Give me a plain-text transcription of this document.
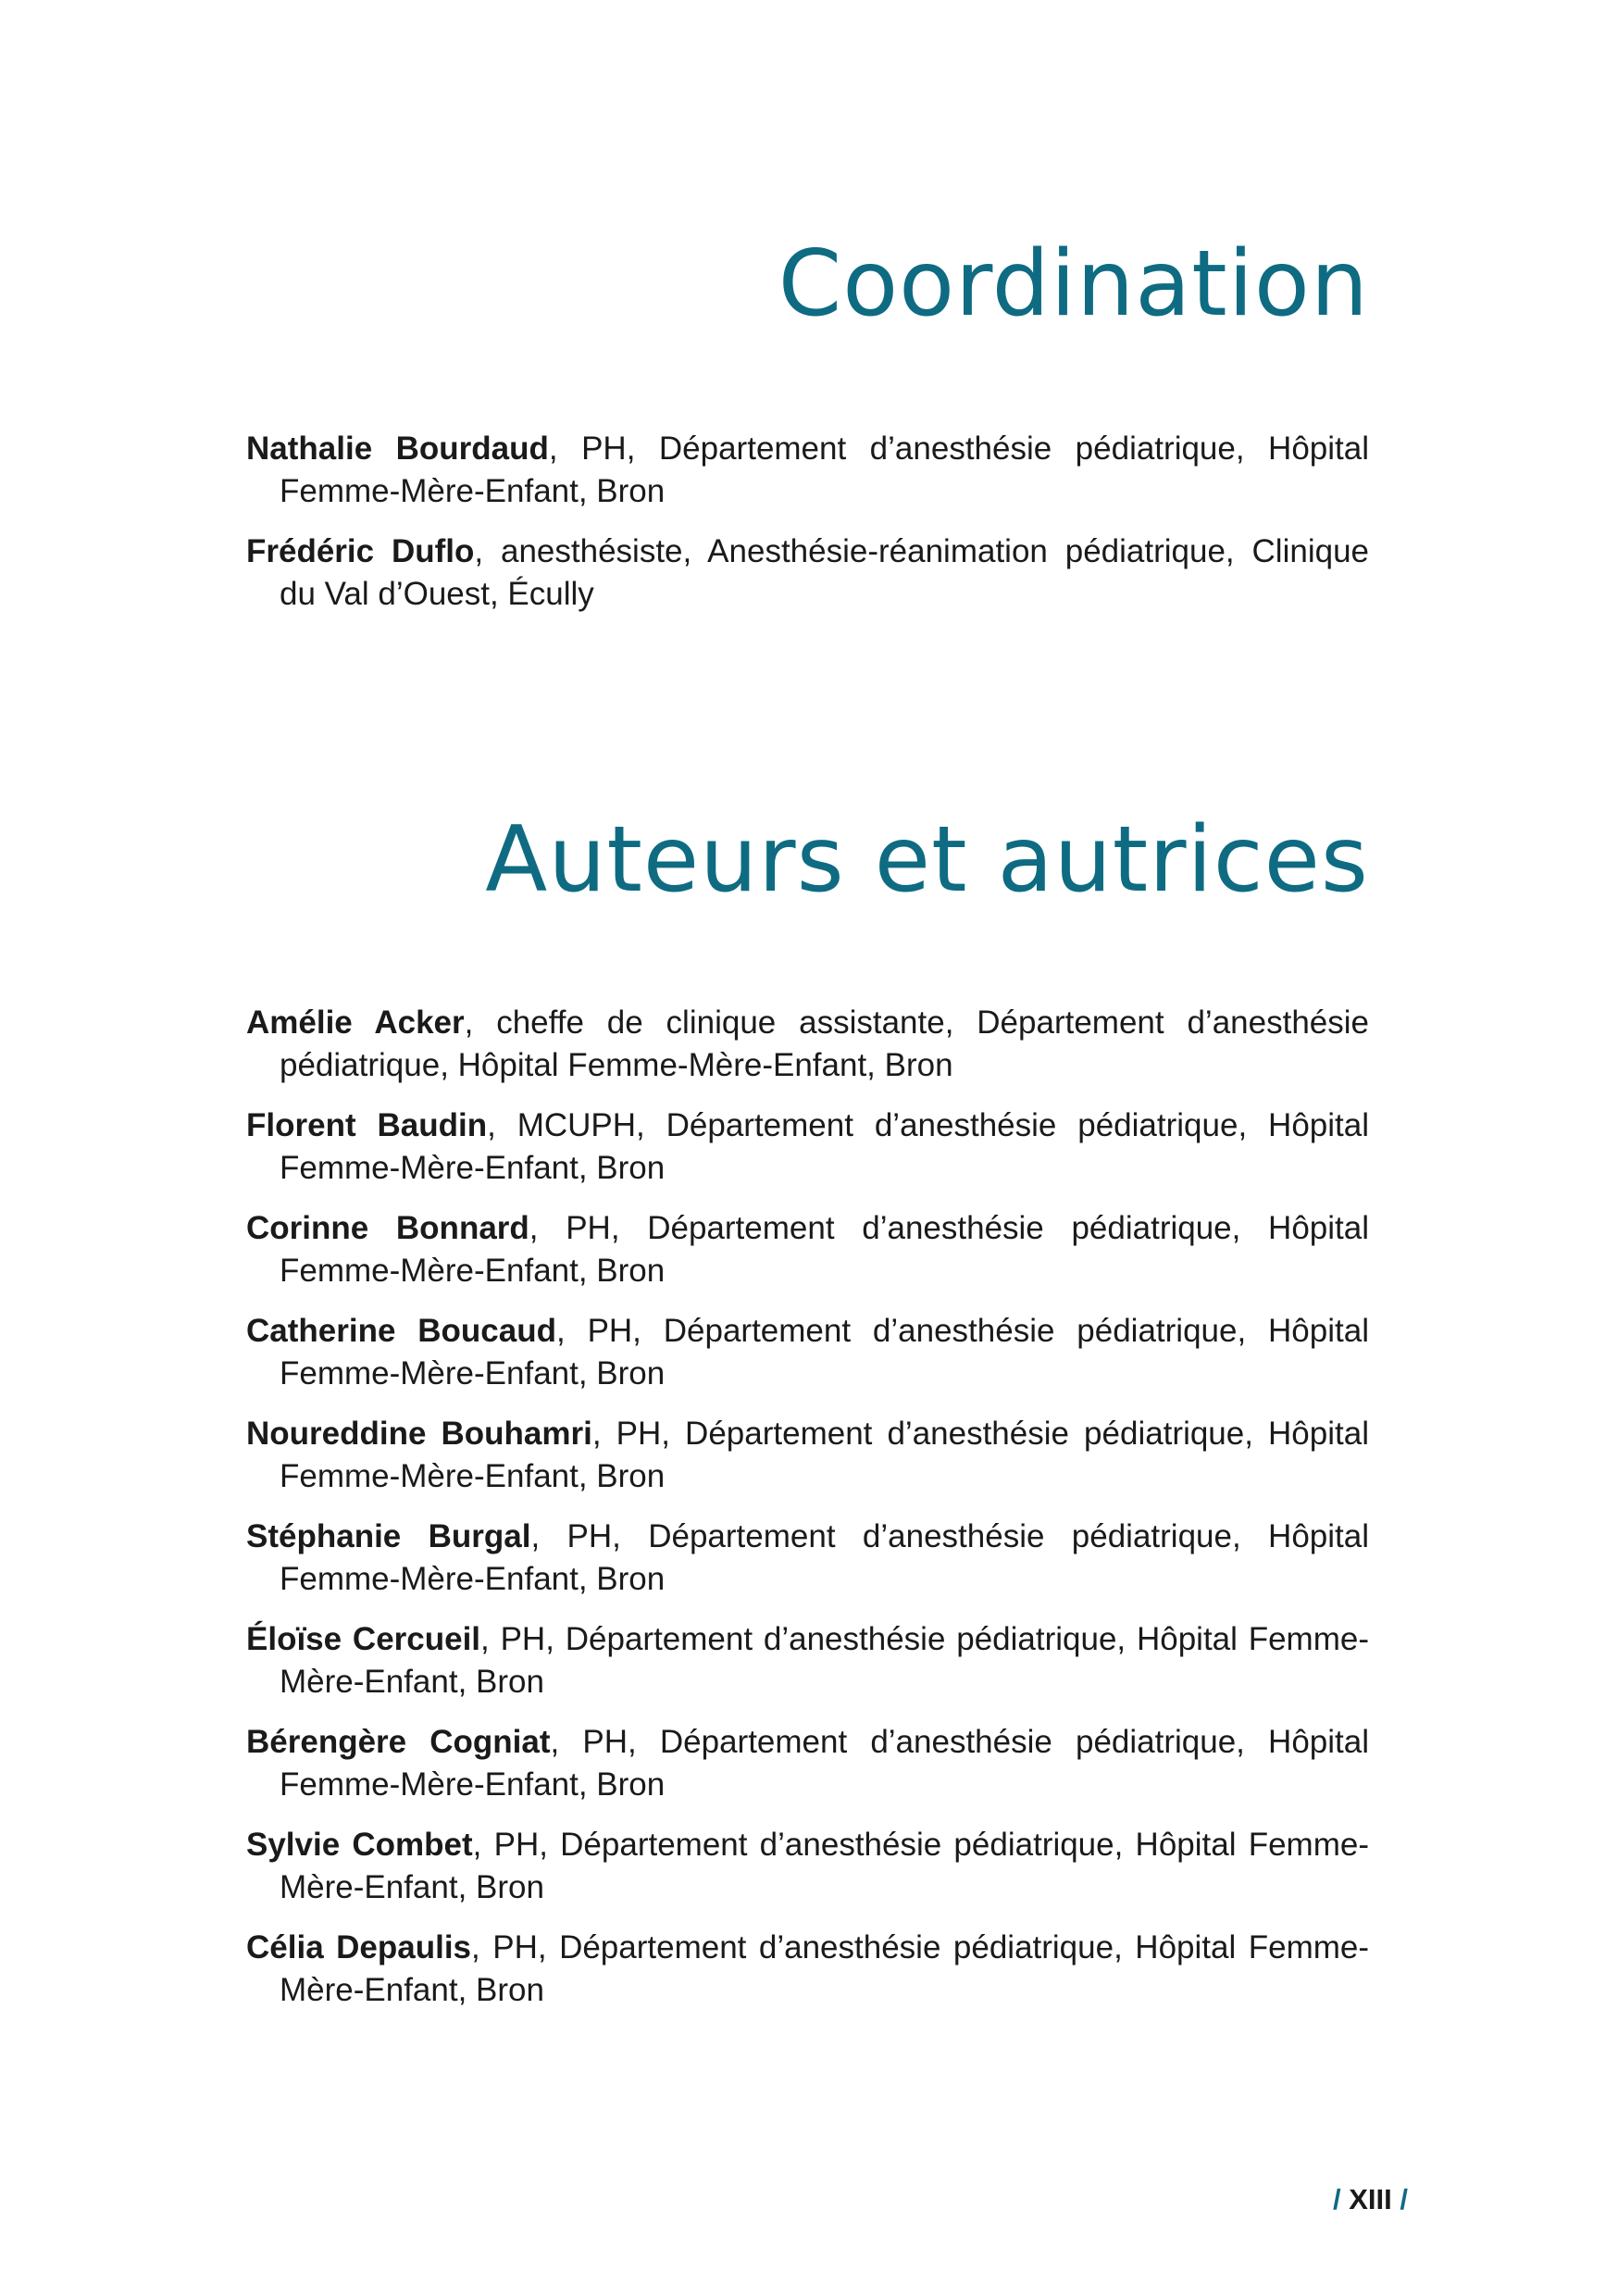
Coordination
Nathalie Bourdaud, PH, Département d’anesthésie pédiatrique, Hôpital Femme-Mère-Enfant, Bron
Frédéric Duflo, anesthésiste, Anesthésie-réanimation pédiatrique, Clinique du Val d’Ouest, Écully
Auteurs et autrices
Amélie Acker, cheffe de clinique assistante, Département d’anesthésie pédiatrique, Hôpital Femme-Mère-Enfant, Bron
Florent Baudin, MCUPH, Département d’anesthésie pédiatrique, Hôpital Femme-Mère-Enfant, Bron
Corinne Bonnard, PH, Département d’anesthésie pédiatrique, Hôpital Femme-Mère-Enfant, Bron
Catherine Boucaud, PH, Département d’anesthésie pédiatrique, Hôpital Femme-Mère-Enfant, Bron
Noureddine Bouhamri, PH, Département d’anesthésie pédiatrique, Hôpital Femme-Mère-Enfant, Bron
Stéphanie Burgal, PH, Département d’anesthésie pédiatrique, Hôpital Femme-Mère-Enfant, Bron
Éloïse Cercueil, PH, Département d’anesthésie pédiatrique, Hôpital Femme-Mère-Enfant, Bron
Bérengère Cogniat, PH, Département d’anesthésie pédiatrique, Hôpital Femme-Mère-Enfant, Bron
Sylvie Combet, PH, Département d’anesthésie pédiatrique, Hôpital Femme-Mère-Enfant, Bron
Célia Depaulis, PH, Département d’anesthésie pédiatrique, Hôpital Femme-Mère-Enfant, Bron
/ XIII /
